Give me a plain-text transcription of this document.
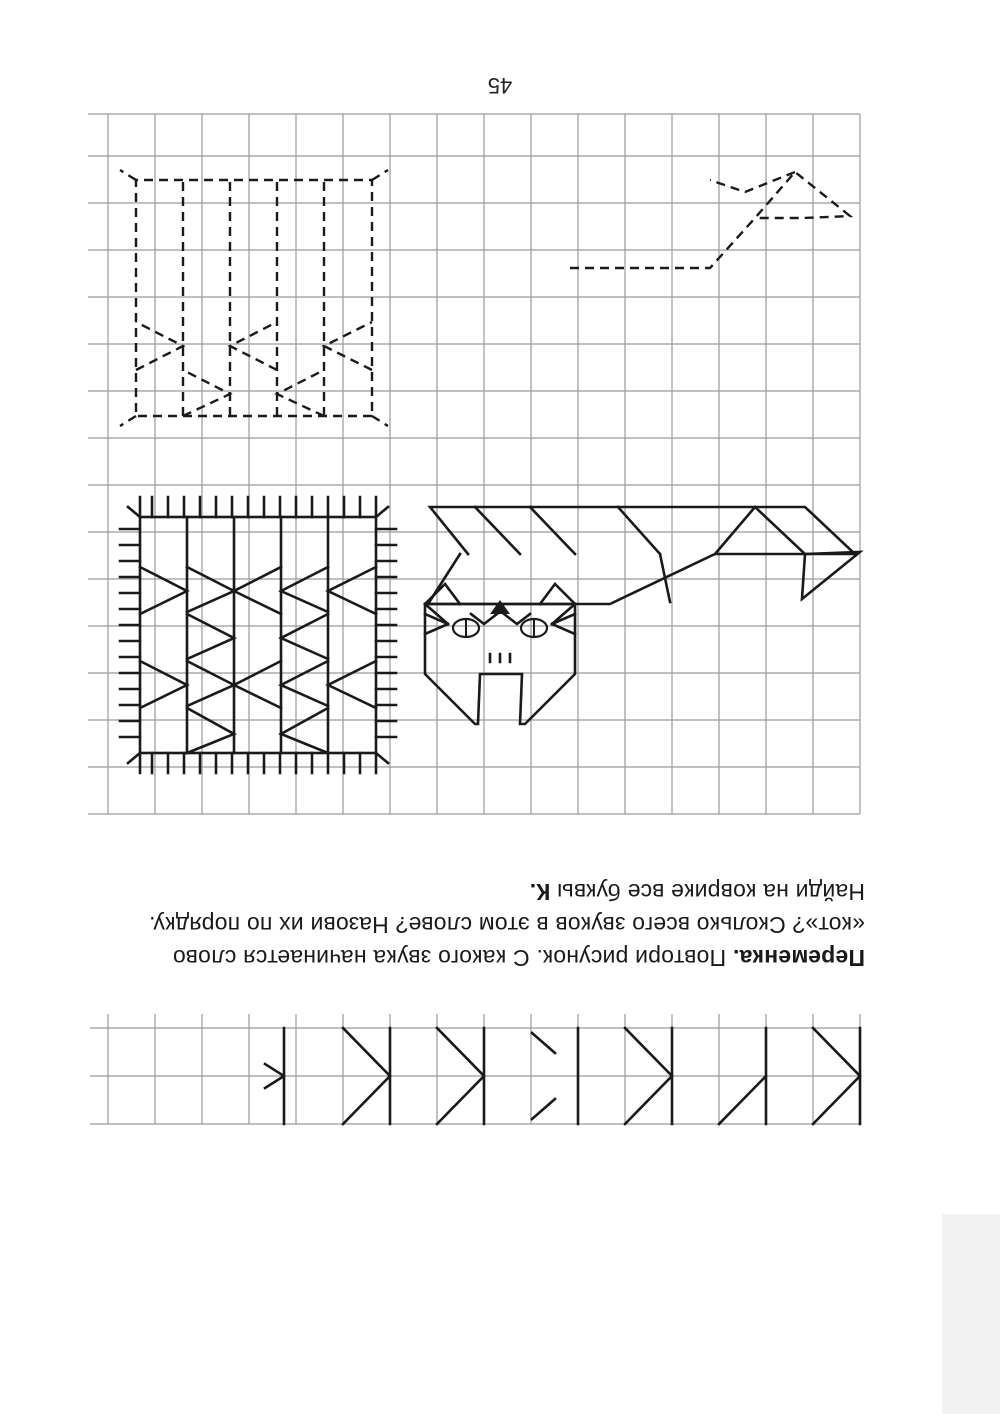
45
Переменка. Повтори рисунок. С какого звука начинается слово «кот»? Сколько всего звуков в этом слове? Назови их по порядку. Найди на коврике все буквы К.
